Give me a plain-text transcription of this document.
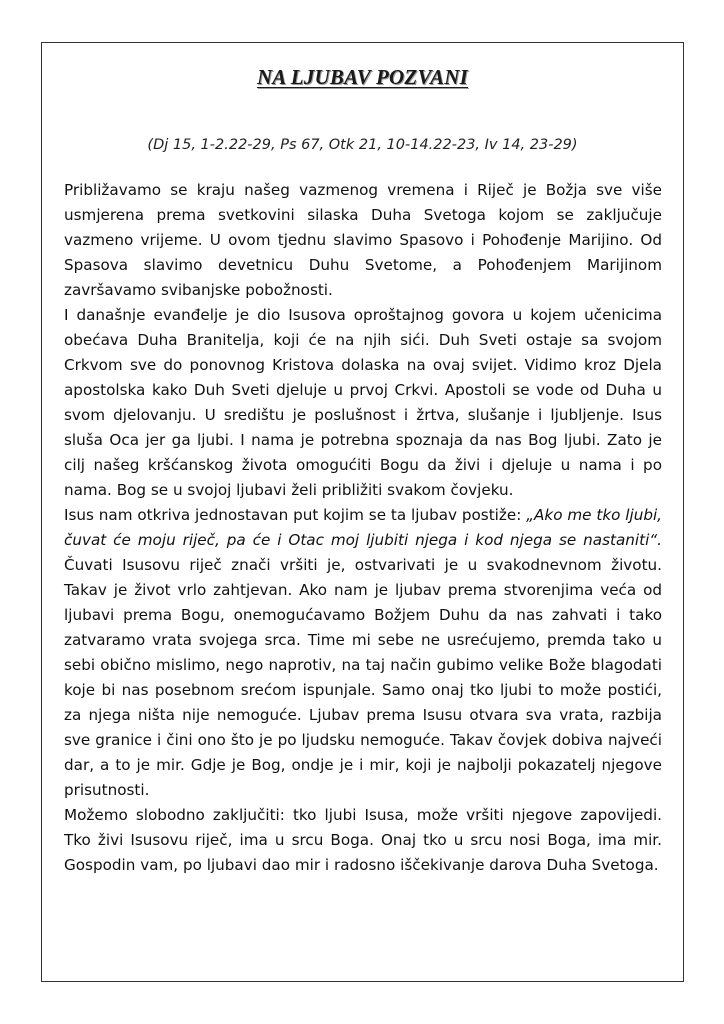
NA LJUBAV POZVANI
(Dj 15, 1-2.22-29, Ps 67, Otk 21, 10-14.22-23, Iv 14, 23-29)

Približavamo se kraju našeg vazmenog vremena i Riječ je Božja sve više usmjerena prema svetkovini silaska Duha Svetoga kojom se zaključuje vazmeno vrijeme. U ovom tjednu slavimo Spasovo i Pohođenje Marijino. Od Spasova slavimo devetnicu Duhu Svetome, a Pohođenjem Marijinom završavamo svibanjske pobožnosti.

I današnje evanđelje je dio Isusova oproštajnog govora u kojem učenicima obećava Duha Branitelja, koji će na njih sići. Duh Sveti ostaje sa svojom Crkvom sve do ponovnog Kristova dolaska na ovaj svijet. Vidimo kroz Djela apostolska kako Duh Sveti djeluje u prvoj Crkvi. Apostoli se vode od Duha u svom djelovanju. U središtu je poslušnost i žrtva, slušanje i ljubljenje. Isus sluša Oca jer ga ljubi. I nama je potrebna spoznaja da nas Bog ljubi. Zato je cilj našeg kršćanskog života omogućiti Bogu da živi i djeluje u nama i po nama. Bog se u svojoj ljubavi želi približiti svakom čovjeku.

Isus nam otkriva jednostavan put kojim se ta ljubav postiže: „Ako me tko ljubi, čuvat će moju riječ, pa će i Otac moj ljubiti njega i kod njega se nastaniti“. Čuvati Isusovu riječ znači vršiti je, ostvarivati je u svakodnevnom životu. Takav je život vrlo zahtjevan. Ako nam je ljubav prema stvorenjima veća od ljubavi prema Bogu, onemogućavamo Božjem Duhu da nas zahvati i tako zatvaramo vrata svojega srca. Time mi sebe ne usrećujemo, premda tako u sebi obično mislimo, nego naprotiv, na taj način gubimo velike Bože blagodati koje bi nas posebnom srećom ispunjale. Samo onaj tko ljubi to može postići, za njega ništa nije nemoguće. Ljubav prema Isusu otvara sva vrata, razbija sve granice i čini ono što je po ljudsku nemoguće. Takav čovjek dobiva najveći dar, a to je mir. Gdje je Bog, ondje je i mir, koji je najbolji pokazatelj njegove prisutnosti.

Možemo slobodno zaključiti: tko ljubi Isusa, može vršiti njegove zapovijedi. Tko živi Isusovu riječ, ima u srcu Boga. Onaj tko u srcu nosi Boga, ima mir. Gospodin vam, po ljubavi dao mir i radosno iščekivanje darova Duha Svetoga.
